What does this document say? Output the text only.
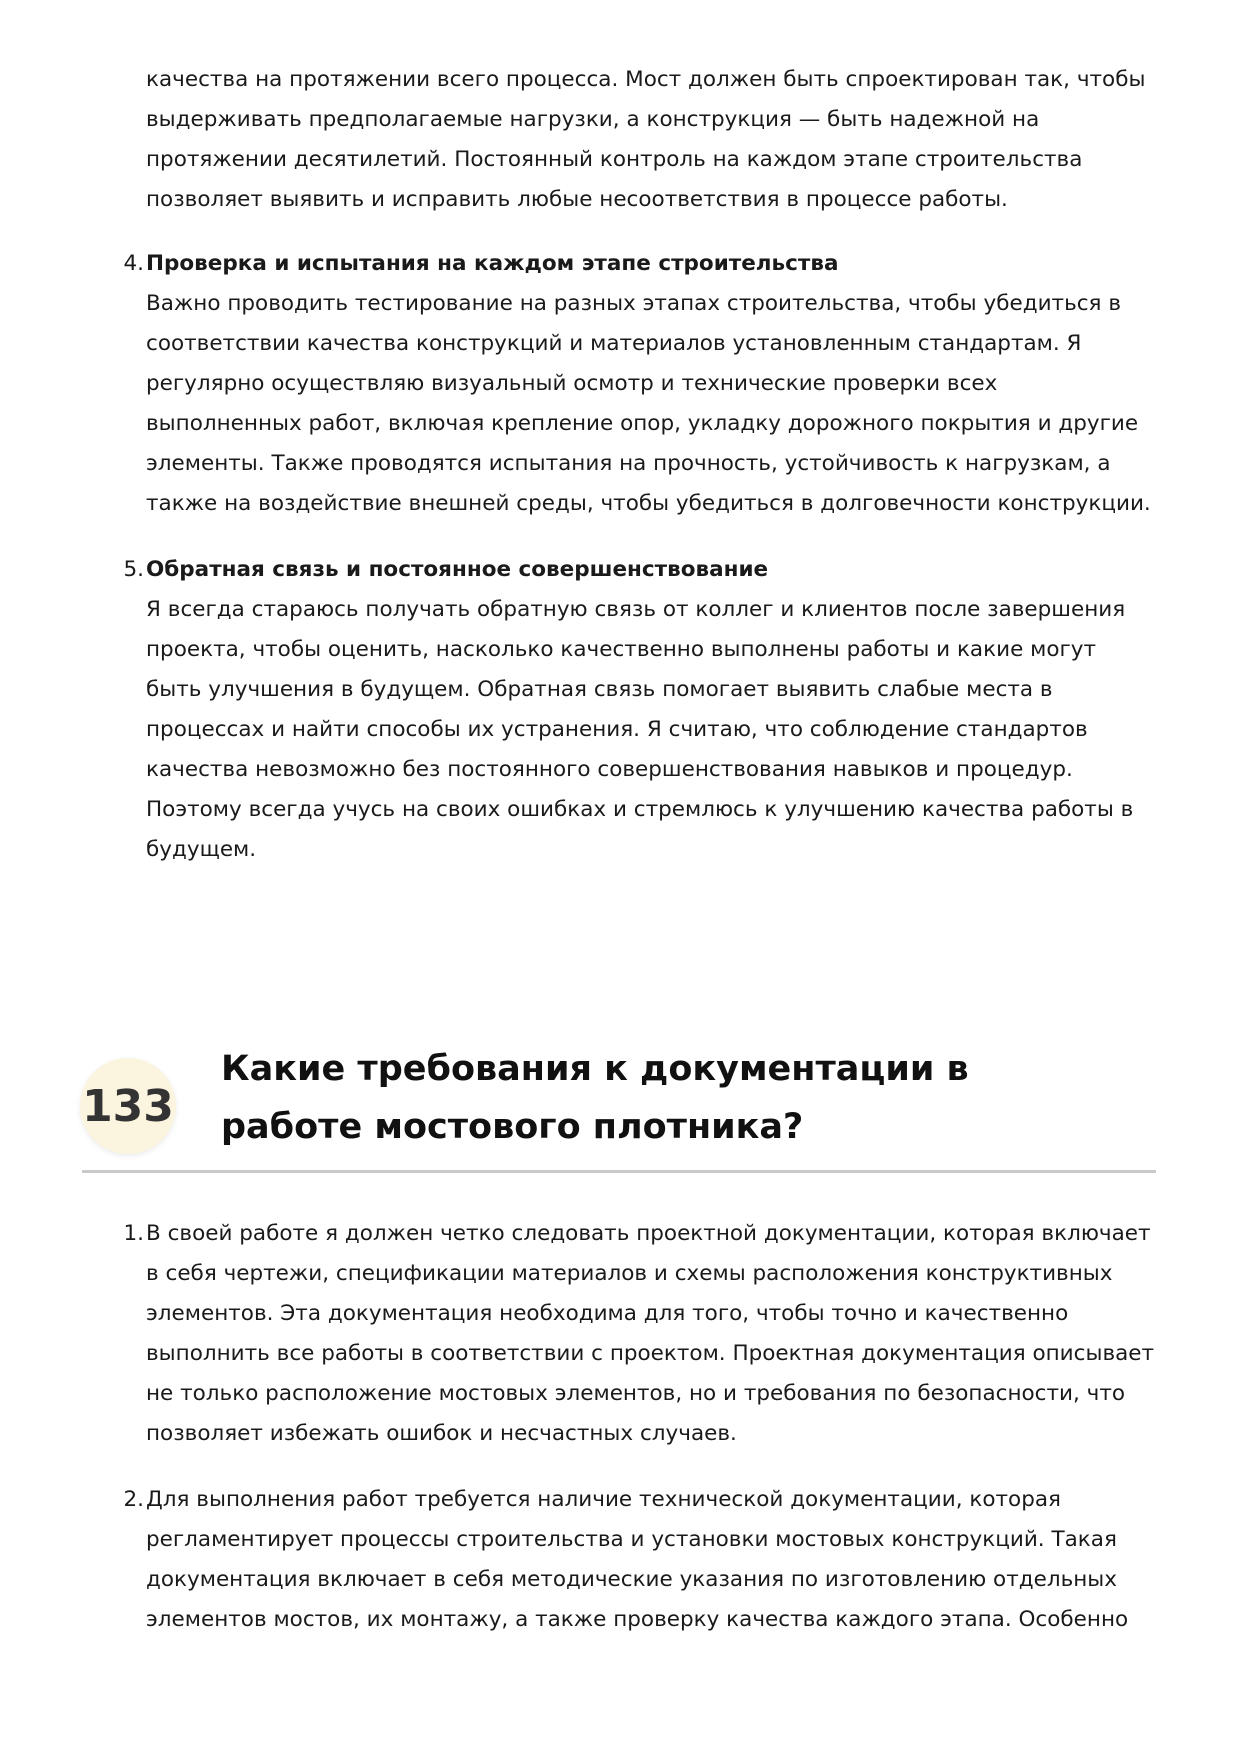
качества на протяжении всего процесса. Мост должен быть спроектирован так, чтобы выдерживать предполагаемые нагрузки, а конструкция — быть надежной на протяжении десятилетий. Постоянный контроль на каждом этапе строительства позволяет выявить и исправить любые несоответствия в процессе работы.

4. Проверка и испытания на каждом этапе строительства
Важно проводить тестирование на разных этапах строительства, чтобы убедиться в соответствии качества конструкций и материалов установленным стандартам. Я регулярно осуществляю визуальный осмотр и технические проверки всех выполненных работ, включая крепление опор, укладку дорожного покрытия и другие элементы. Также проводятся испытания на прочность, устойчивость к нагрузкам, а также на воздействие внешней среды, чтобы убедиться в долговечности конструкции.
5. Обратная связь и постоянное совершенствование
Я всегда стараюсь получать обратную связь от коллег и клиентов после завершения проекта, чтобы оценить, насколько качественно выполнены работы и какие могут быть улучшения в будущем. Обратная связь помогает выявить слабые места в процессах и найти способы их устранения. Я считаю, что соблюдение стандартов качества невозможно без постоянного совершенствования навыков и процедур. Поэтому всегда учусь на своих ошибках и стремлюсь к улучшению качества работы в будущем.
133
Какие требования к документации в работе мостового плотника?
1. В своей работе я должен четко следовать проектной документации, которая включает в себя чертежи, спецификации материалов и схемы расположения конструктивных элементов. Эта документация необходима для того, чтобы точно и качественно выполнить все работы в соответствии с проектом. Проектная документация описывает не только расположение мостовых элементов, но и требования по безопасности, что позволяет избежать ошибок и несчастных случаев.
2. Для выполнения работ требуется наличие технической документации, которая регламентирует процессы строительства и установки мостовых конструкций. Такая документация включает в себя методические указания по изготовлению отдельных элементов мостов, их монтажу, а также проверку качества каждого этапа. Особенно
